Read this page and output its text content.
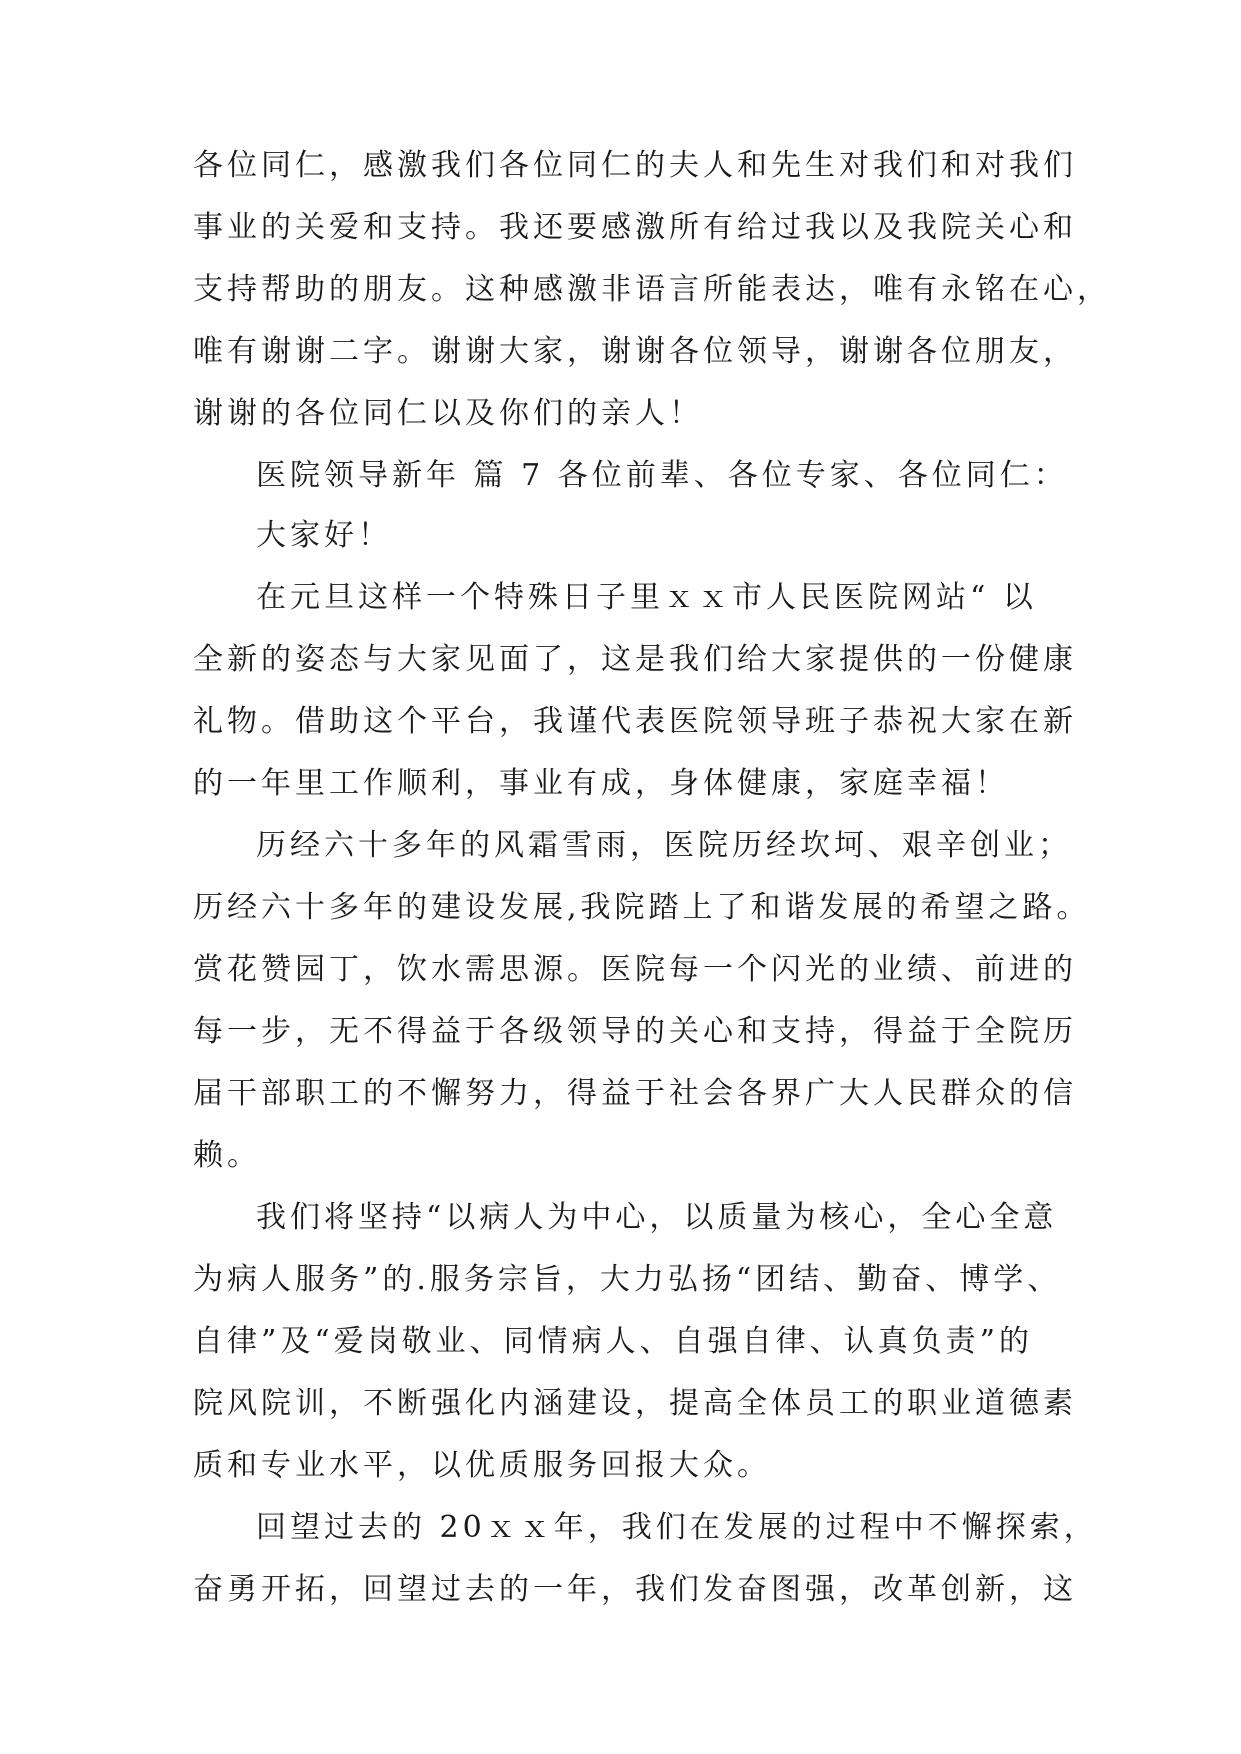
各位同仁，感激我们各位同仁的夫人和先生对我们和对我们
事业的关爱和支持。我还要感激所有给过我以及我院关心和
支持帮助的朋友。这种感激非语言所能表达，唯有永铭在心，
唯有谢谢二字。谢谢大家，谢谢各位领导，谢谢各位朋友，
谢谢的各位同仁以及你们的亲人！
医院领导新年 篇 7 各位前辈、各位专家、各位同仁：
大家好！
在元旦这样一个特殊日子里ｘｘ市人民医院网站“ 以
全新的姿态与大家见面了，这是我们给大家提供的一份健康
礼物。借助这个平台，我谨代表医院领导班子恭祝大家在新
的一年里工作顺利，事业有成，身体健康，家庭幸福！
历经六十多年的风霜雪雨，医院历经坎坷、艰辛创业；
历经六十多年的建设发展,我院踏上了和谐发展的希望之路。
赏花赞园丁，饮水需思源。医院每一个闪光的业绩、前进的
每一步，无不得益于各级领导的关心和支持，得益于全院历
届干部职工的不懈努力，得益于社会各界广大人民群众的信
赖。
我们将坚持“以病人为中心，以质量为核心，全心全意
为病人服务”的.服务宗旨，大力弘扬“团结、勤奋、博学、
自律”及“爱岗敬业、同情病人、自强自律、认真负责”的
院风院训，不断强化内涵建设，提高全体员工的职业道德素
质和专业水平，以优质服务回报大众。
回望过去的 20ｘｘ年，我们在发展的过程中不懈探索，
奋勇开拓，回望过去的一年，我们发奋图强，改革创新，这
